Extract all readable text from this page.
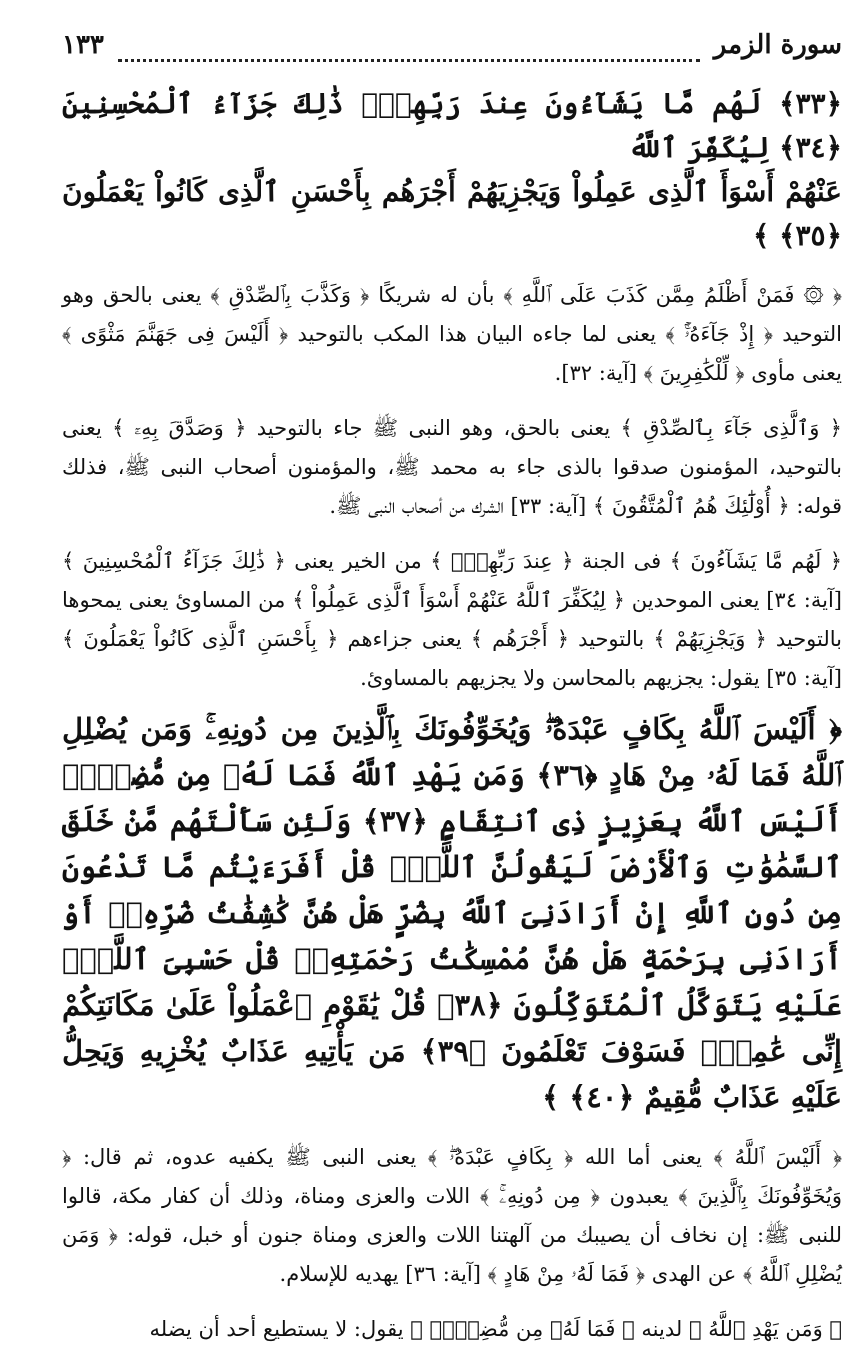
سورة الزمر
١٣٣
﴿٣٣﴾ لَهُم مَّا يَشَآءُونَ عِندَ رَبِّهِمْۚ ذَٰلِكَ جَزَآءُ ٱلْمُحْسِنِينَ ﴿٣٤﴾ لِيُكَفِّرَ ٱللَّهُ
عَنْهُمْ أَسْوَأَ ٱلَّذِى عَمِلُواْ وَيَجْزِيَهُمْ أَجْرَهُم بِأَحْسَنِ ٱلَّذِى كَانُواْ يَعْمَلُونَ ﴿٣٥﴾ ﴾

﴿ ۞ فَمَنْ أَظْلَمُ مِمَّن كَذَبَ عَلَى ٱللَّهِ ﴾ بأن له شريكًا ﴿ وَكَذَّبَ بِٱلصِّدْقِ ﴾ يعنى بالحق وهو التوحيد ﴿ إِذْ جَآءَهُۥٓۚ ﴾ يعنى لما جاءه البيان هذا المكب بالتوحيد ﴿ أَلَيْسَ فِى جَهَنَّمَ مَثْوًى ﴾ يعنى مأوى ﴿ لِّلْكَٰفِرِينَ ﴾ [آية: ٣٢].

﴿ وَٱلَّذِى جَآءَ بِٱلصِّدْقِ ﴾ يعنى بالحق، وهو النبى ﷺ جاء بالتوحيد ﴿ وَصَدَّقَ بِهِۦٓ ﴾ يعنى بالتوحيد، المؤمنون صدقوا بالذى جاء به محمد ﷺ، والمؤمنون أصحاب النبى ﷺ، فذلك قوله: ﴿ أُوْلَٰٓئِكَ هُمُ ٱلْمُتَّقُونَ ﴾ [آية: ٣٣] الشرك من أصحاب النبى ﷺ.

﴿ لَهُم مَّا يَشَآءُونَ ﴾ فى الجنة ﴿ عِندَ رَبِّهِمْۚ ﴾ من الخير يعنى ﴿ ذَٰلِكَ جَزَآءُ ٱلْمُحْسِنِينَ ﴾ [آية: ٣٤] يعنى الموحدين ﴿ لِيُكَفِّرَ ٱللَّهُ عَنْهُمْ أَسْوَأَ ٱلَّذِى عَمِلُواْ ﴾ من المساوئ يعنى يمحوها بالتوحيد ﴿ وَيَجْزِيَهُمْ ﴾ بالتوحيد ﴿ أَجْرَهُم ﴾ يعنى جزاءهم ﴿ بِأَحْسَنِ ٱلَّذِى كَانُواْ يَعْمَلُونَ ﴾ [آية: ٣٥] يقول: يجزيهم بالمحاسن ولا يجزيهم بالمساوئ.

﴿ أَلَيْسَ ٱللَّهُ بِكَافٍ عَبْدَهُۥۖ وَيُخَوِّفُونَكَ بِٱلَّذِينَ مِن دُونِهِۦۚ وَمَن يُضْلِلِ ٱللَّهُ فَمَا لَهُۥ مِنْ هَادٍ ﴿٣٦﴾ وَمَن يَهْدِ ٱللَّهُ فَمَا لَهُۥ مِن مُّضِلٍّۗ أَلَيْسَ ٱللَّهُ بِعَزِيزٍ ذِى ٱنتِقَامٍ ﴿٣٧﴾ وَلَئِن سَأَلْتَهُم مَّنْ خَلَقَ ٱلسَّمَٰوَٰتِ وَٱلْأَرْضَ لَيَقُولُنَّ ٱللَّهُۚ قُلْ أَفَرَءَيْتُم مَّا تَدْعُونَ مِن دُونِ ٱللَّهِ إِنْ أَرَادَنِىَ ٱللَّهُ بِضُرٍّ هَلْ هُنَّ كَٰشِفَٰتُ ضُرِّهِۦٓ أَوْ أَرَادَنِى بِرَحْمَةٍ هَلْ هُنَّ مُمْسِكَٰتُ رَحْمَتِهِۦۚ قُلْ حَسْبِىَ ٱللَّهُۖ عَلَيْهِ يَتَوَكَّلُ ٱلْمُتَوَكِّلُونَ ﴿٣٨﴾ قُلْ يَٰقَوْمِ ٱعْمَلُواْ عَلَىٰ مَكَانَتِكُمْ إِنِّى عَٰمِلٌۖ فَسَوْفَ تَعْلَمُونَ ﴿٣٩﴾ مَن يَأْتِيهِ عَذَابٌ يُخْزِيهِ وَيَحِلُّ عَلَيْهِ عَذَابٌ مُّقِيمٌ ﴿٤٠﴾ ﴾

﴿ أَلَيْسَ ٱللَّهُ ﴾ يعنى أما الله ﴿ بِكَافٍ عَبْدَهُۥۖ ﴾ يعنى النبى ﷺ يكفيه عدوه، ثم قال: ﴿ وَيُخَوِّفُونَكَ بِٱلَّذِينَ ﴾ يعبدون ﴿ مِن دُونِهِۦۚ ﴾ اللات والعزى ومناة، وذلك أن كفار مكة، قالوا للنبى ﷺ: إن نخاف أن يصيبك من آلهتنا اللات والعزى ومناة جنون أو خبل، قوله: ﴿ وَمَن يُضْلِلِ ٱللَّهُ ﴾ عن الهدى ﴿ فَمَا لَهُۥ مِنْ هَادٍ ﴾ [آية: ٣٦] يهديه للإسلام.

﴿ وَمَن يَهْدِ ٱللَّهُ ﴾ لدينه ﴿ فَمَا لَهُۥ مِن مُّضِلٍّۗ ﴾ يقول: لا يستطيع أحد أن يضله
